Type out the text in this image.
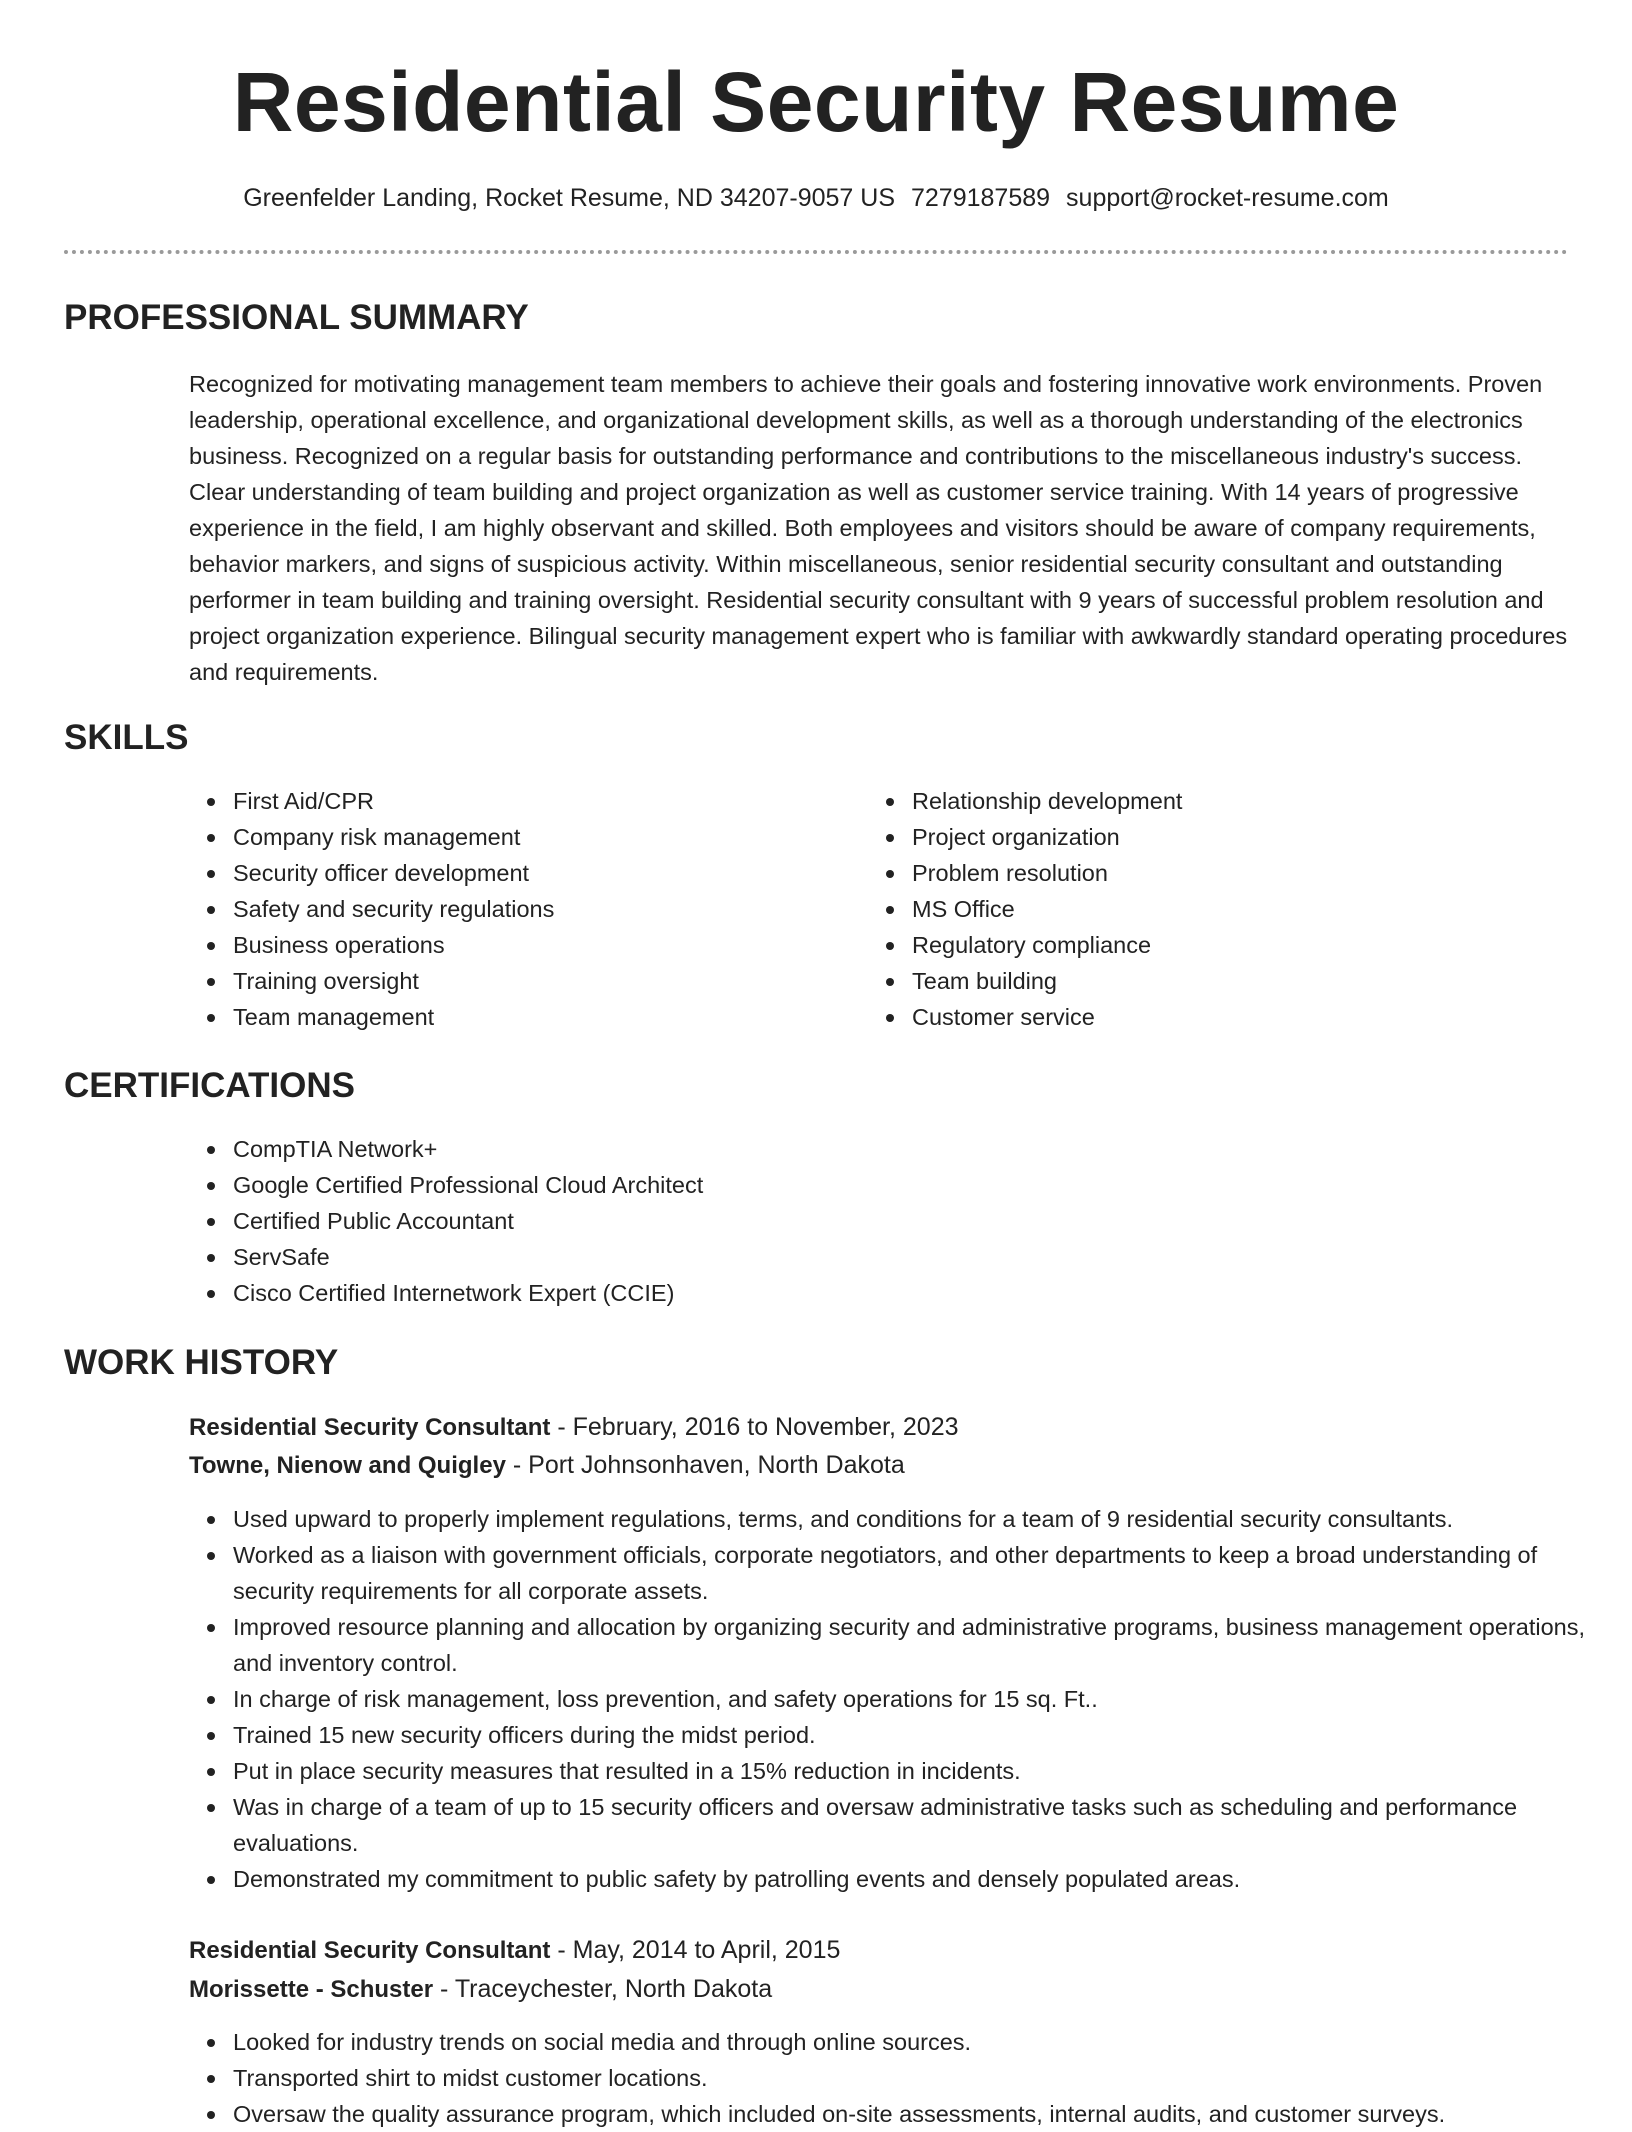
Residential Security Resume
Greenfelder Landing, Rocket Resume, ND 34207-9057 US 7279187589 support@rocket-resume.com
PROFESSIONAL SUMMARY

Recognized for motivating management team members to achieve their goals and fostering innovative work environments. Proven leadership, operational excellence, and organizational development skills, as well as a thorough understanding of the electronics business. Recognized on a regular basis for outstanding performance and contributions to the miscellaneous industry's success. Clear understanding of team building and project organization as well as customer service training. With 14 years of progressive experience in the field, I am highly observant and skilled. Both employees and visitors should be aware of company requirements, behavior markers, and signs of suspicious activity. Within miscellaneous, senior residential security consultant and outstanding performer in team building and training oversight. Residential security consultant with 9 years of successful problem resolution and project organization experience. Bilingual security management expert who is familiar with awkwardly standard operating procedures and requirements.

SKILLS
First Aid/CPR
Company risk management
Security officer development
Safety and security regulations
Business operations
Training oversight
Team management
Relationship development
Project organization
Problem resolution
MS Office
Regulatory compliance
Team building
Customer service
CERTIFICATIONS
CompTIA Network+
Google Certified Professional Cloud Architect
Certified Public Accountant
ServSafe
Cisco Certified Internetwork Expert (CCIE)
WORK HISTORY
Residential Security Consultant - February, 2016 to November, 2023
Towne, Nienow and Quigley - Port Johnsonhaven, North Dakota
Used upward to properly implement regulations, terms, and conditions for a team of 9 residential security consultants.
Worked as a liaison with government officials, corporate negotiators, and other departments to keep a broad understanding of security requirements for all corporate assets.
Improved resource planning and allocation by organizing security and administrative programs, business management operations, and inventory control.
In charge of risk management, loss prevention, and safety operations for 15 sq. Ft..
Trained 15 new security officers during the midst period.
Put in place security measures that resulted in a 15% reduction in incidents.
Was in charge of a team of up to 15 security officers and oversaw administrative tasks such as scheduling and performance evaluations.
Demonstrated my commitment to public safety by patrolling events and densely populated areas.
Residential Security Consultant - May, 2014 to April, 2015
Morissette - Schuster - Traceychester, North Dakota
Looked for industry trends on social media and through online sources.
Transported shirt to midst customer locations.
Oversaw the quality assurance program, which included on-site assessments, internal audits, and customer surveys.
